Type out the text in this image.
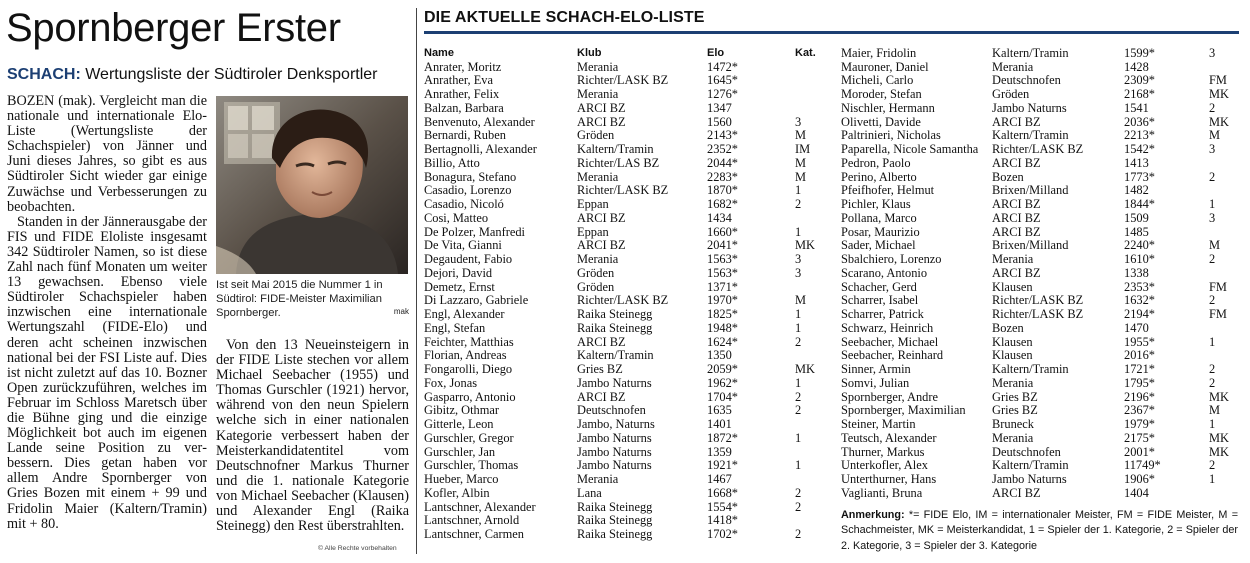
Spornberger Erster
SCHACH: Wertungsliste der Südtiroler Denksportler

BOZEN (mak). Vergleicht man die nationale und internationale Elo-Liste (Wertungsliste der Schachspieler) von Jänner und Juni dieses Jahres, so gibt es aus Südtiroler Sicht wieder gar einige Zuwächse und Verbesserungen zu beobachten.

Standen in der Jännerausgabe der FIS und FIDE Eloliste insgesamt 342 Südtiroler Namen, so ist diese Zahl nach fünf Monaten um weiter 13 gewachsen. Ebenso viele Südtiroler Schachspieler haben inzwischen eine internationale Wertungszahl (FIDE-Elo) und deren acht scheinen inzwischen national bei der FSI Liste auf. Dies ist nicht zuletzt auf das 10. Bozner Open zurückzuführen, welches im Februar im Schloss Maretsch über die Bühne ging und die einzige Möglichkeit bot auch im eigenen Lande seine Position zu verbessern. Dies getan haben vor allem Andre Spornberger von Gries Bozen mit einem + 99 und Fridolin Maier (Kaltern/Tramin) mit + 80.

Ist seit Mai 2015 die Nummer 1 in Südtirol: FIDE-Meister Maximilian Spornberger.	mak

Von den 13 Neueinsteigern in der FIDE Liste stechen vor allem Michael Seebacher (1955) und Thomas Gurschler (1921) hervor, während von den neun Spielern welche sich in einer nationalen Kategorie verbessert haben der Meisterkandidatentitel vom Deutschnofner Markus Thurner und die 1. nationale Kategorie von Michael Seebacher (Klausen) und Alexander Engl (Raika Steinegg) den Rest überstrahlten.

© Alle Rechte vorbehalten
DIE AKTUELLE SCHACH-ELO-LISTE
Name	Klub	Elo	Kat.
Anrater, Moritz	Merania	1472*
Anrather, Eva	Richter/LASK BZ	1645*
Anrather, Felix	Merania	1276*
Balzan, Barbara	ARCI BZ	1347
Benvenuto, Alexander	ARCI BZ	1560	3
Bernardi, Ruben	Gröden	2143*	M
Bertagnolli, Alexander	Kaltern/Tramin	2352*	IM
Billio, Atto	Richter/LAS BZ	2044*	M
Bonagura, Stefano	Merania	2283*	M
Casadio, Lorenzo	Richter/LASK BZ	1870*	1
Casadio, Nicoló	Eppan	1682*	2
Cosi, Matteo	ARCI BZ	1434
De Polzer, Manfredi	Eppan	1660*	1
De Vita, Gianni	ARCI BZ	2041*	MK
Degaudent, Fabio	Merania	1563*	3
Dejori, David	Gröden	1563*	3
Demetz, Ernst	Gröden	1371*
Di Lazzaro, Gabriele	Richter/LASK BZ	1970*	M
Engl, Alexander	Raika Steinegg	1825*	1
Engl, Stefan	Raika Steinegg	1948*	1
Feichter, Matthias	ARCI BZ	1624*	2
Florian, Andreas	Kaltern/Tramin	1350
Fongarolli, Diego	Gries BZ	2059*	MK
Fox, Jonas	Jambo Naturns	1962*	1
Gasparro, Antonio	ARCI BZ	1704*	2
Gibitz, Othmar	Deutschnofen	1635	2
Gitterle, Leon	Jambo, Naturns	1401
Gurschler, Gregor	Jambo Naturns	1872*	1
Gurschler, Jan	Jambo Naturns	1359
Gurschler, Thomas	Jambo Naturns	1921*	1
Hueber, Marco	Merania	1467
Kofler, Albin	Lana	1668*	2
Lantschner, Alexander	Raika Steinegg	1554*	2
Lantschner, Arnold	Raika Steinegg	1418*
Lantschner, Carmen	Raika Steinegg	1702*	2
Maier, Fridolin	Kaltern/Tramin	1599*	3
Mauroner, Daniel	Merania	1428
Micheli, Carlo	Deutschnofen	2309*	FM
Moroder, Stefan	Gröden	2168*	MK
Nischler, Hermann	Jambo Naturns	1541	2
Olivetti, Davide	ARCI BZ	2036*	MK
Paltrinieri, Nicholas	Kaltern/Tramin	2213*	M
Paparella, Nicole Samantha Richter/LASK BZ	1542*	3
Pedron, Paolo	ARCI BZ	1413
Perino, Alberto	Bozen	1773*	2
Pfeifhofer, Helmut	Brixen/Milland	1482
Pichler, Klaus	ARCI BZ	1844*	1
Pollana, Marco	ARCI BZ	1509	3
Posar, Maurizio	ARCI BZ	1485
Sader, Michael	Brixen/Milland	2240*	M
Sbalchiero, Lorenzo	Merania	1610*	2
Scarano, Antonio	ARCI BZ	1338
Schacher, Gerd	Klausen	2353*	FM
Scharrer, Isabel	Richter/LASK BZ	1632*	2
Scharrer, Patrick	Richter/LASK BZ	2194*	FM
Schwarz, Heinrich	Bozen	1470
Seebacher, Michael	Klausen	1955*	1
Seebacher, Reinhard	Klausen	2016*
Sinner, Armin	Kaltern/Tramin	1721*	2
Somvi, Julian	Merania	1795*	2
Spornberger, Andre	Gries BZ	2196*	MK
Spornberger, Maximilian Gries BZ	2367*	M
Steiner, Martin	Bruneck	1979*	1
Teutsch, Alexander	Merania	2175*	MK
Thurner, Markus	Deutschnofen	2001*	MK
Unterkofler, Alex	Kaltern/Tramin	11749*	2
Unterthurner, Hans	Jambo Naturns	1906*	1
Vaglianti, Bruna	ARCI BZ	1404
Anmerkung: *= FIDE Elo, IM = internationaler Meister, FM = FIDE Meister, M = Schachmeister, MK = Meisterkandidat, 1 = Spieler der 1. Kategorie, 2 = Spieler der 2. Kategorie, 3 = Spieler der 3. Kategorie
